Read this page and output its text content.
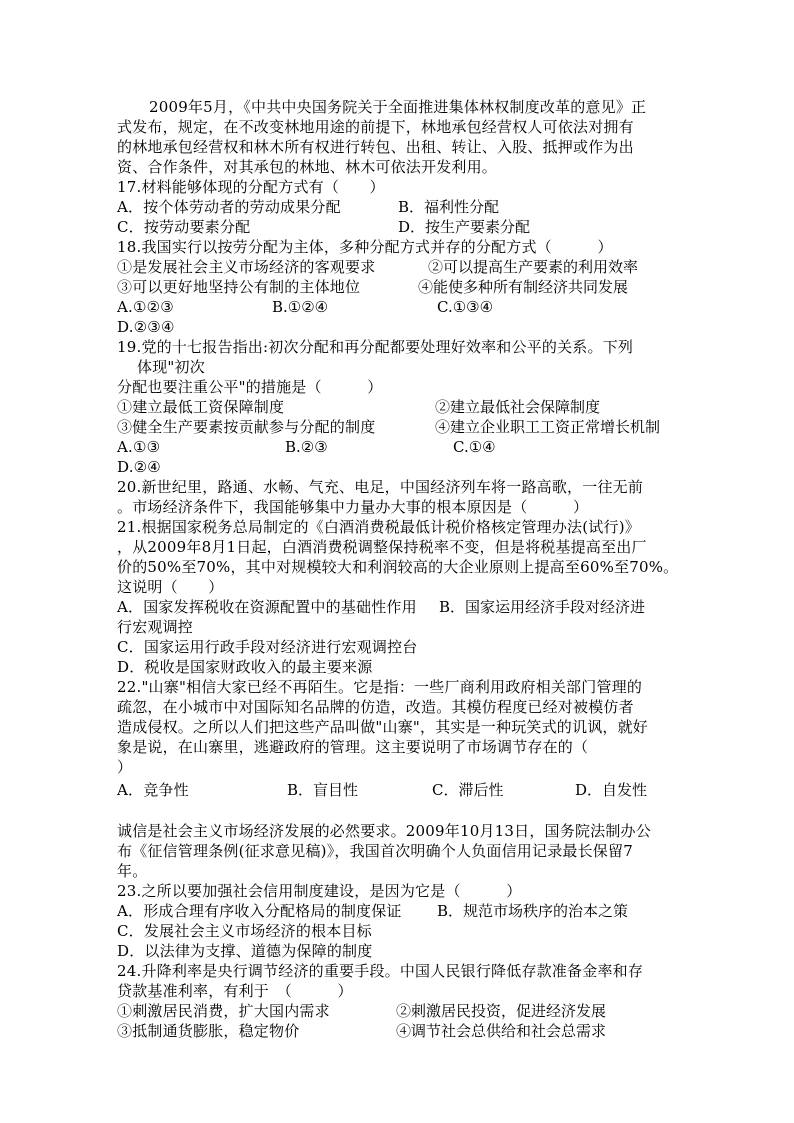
2009年5月，《中共中央国务院关于全面推进集体林权制度改革的意见》正
式发布，规定，在不改变林地用途的前提下，林地承包经营权人可依法对拥有
的林地承包经营权和林木所有权进行转包、出租、转让、入股、抵押或作为出
资、合作条件，对其承包的林地、林木可依法开发利用。
17.材料能够体现的分配方式有（　　）
A．按个体劳动者的劳动成果分配	B．福利性分配
C．按劳动要素分配	D．按生产要素分配
18.我国实行以按劳分配为主体，多种分配方式并存的分配方式（　　　）
①是发展社会主义市场经济的客观要求	②可以提高生产要素的利用效率
③可以更好地坚持公有制的主体地位	④能使多种所有制经济共同发展
A.①②③	B.①②④	C.①③④
D.②③④
19.党的十七报告指出:初次分配和再分配都要处理好效率和公平的关系。下列
体现"初次
分配也要注重公平"的措施是（　　　）
①建立最低工资保障制度	②建立最低社会保障制度
③健全生产要素按贡献参与分配的制度	④建立企业职工工资正常增长机制
A.①③	B.②③	C.①④
D.②④
20.新世纪里，路通、水畅、气充、电足，中国经济列车将一路高歌，一往无前
。市场经济条件下，我国能够集中力量办大事的根本原因是（　　　）
21.根据国家税务总局制定的《白酒消费税最低计税价格核定管理办法(试行)》
，从2009年8月1日起，白酒消费税调整保持税率不变，但是将税基提高至出厂
价的50%至70%，其中对规模较大和利润较高的大企业原则上提高至60%至70%。
这说明（　　）
A．国家发挥税收在资源配置中的基础性作用 B．国家运用经济手段对经济进
行宏观调控
C．国家运用行政手段对经济进行宏观调控台
D．税收是国家财政收入的最主要来源
22."山寨"相信大家已经不再陌生。它是指：一些厂商利用政府相关部门管理的
疏忽，在小城市中对国际知名品牌的仿造，改造。其模仿程度已经对被模仿者
造成侵权。之所以人们把这些产品叫做"山寨"，其实是一种玩笑式的讥讽，就好
象是说，在山寨里，逃避政府的管理。这主要说明了市场调节存在的（
）
A．竞争性	B．盲目性	C．滞后性	D．自发性
诚信是社会主义市场经济发展的必然要求。2009年10月13日，国务院法制办公
布《征信管理条例(征求意见稿)》，我国首次明确个人负面信用记录最长保留7
年。
23.之所以要加强社会信用制度建设，是因为它是（　　　）
A．形成合理有序收入分配格局的制度保证 B．规范市场秩序的治本之策
C．发展社会主义市场经济的根本目标
D．以法律为支撑、道德为保障的制度
24.升降利率是央行调节经济的重要手段。中国人民银行降低存款准备金率和存
贷款基准利率，有利于　（　　　）
①刺激居民消费，扩大国内需求	②刺激居民投资，促进经济发展
③抵制通货膨胀，稳定物价	④调节社会总供给和社会总需求
